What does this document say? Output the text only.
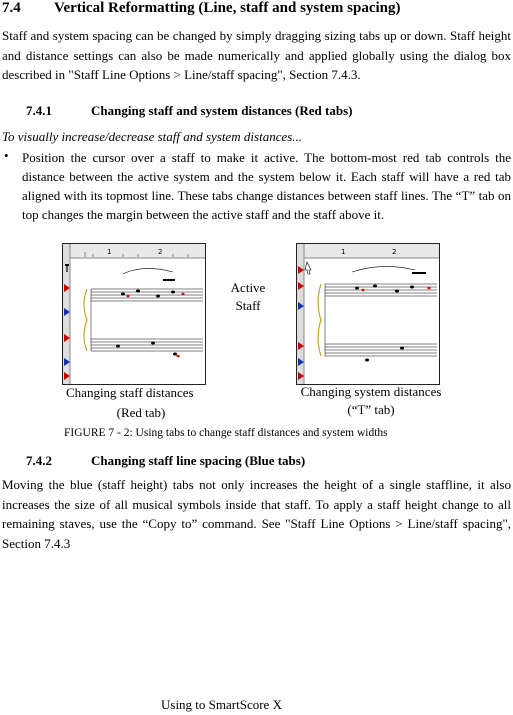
7.4 Vertical Reformatting (Line, staff and system spacing)
Staff and system spacing can be changed by simply dragging sizing tabs up or down. Staff height and distance settings can also be made numerically and applied globally using the dialog box described in "Staff Line Options > Line/staff spacing", Section 7.4.3.
7.4.1	Changing staff and system distances (Red tabs)
To visually increase/decrease staff and system distances...
• Position the cursor over a staff to make it active. The bottom-most red tab controls the distance between the active system and the system below it. Each staff will have a red tab aligned with its topmost line. These tabs change distances between staff lines. The “T” tab on top changes the margin between the active staff and the staff above it.
1	2
Active
Staff
1	2
Changing staff distances
(Red tab)
Changing system distances
(“T” tab)
FIGURE 7 - 2: Using tabs to change staff distances and system widths
7.4.2	Changing staff line spacing (Blue tabs)
Moving the blue (staff height) tabs not only increases the height of a single staffline, it also increases the size of all musical symbols inside that staff. To apply a staff height change to all remaining staves, use the “Copy to” command. See "Staff Line Options > Line/staff spacing", Section 7.4.3
Using to SmartScore X
